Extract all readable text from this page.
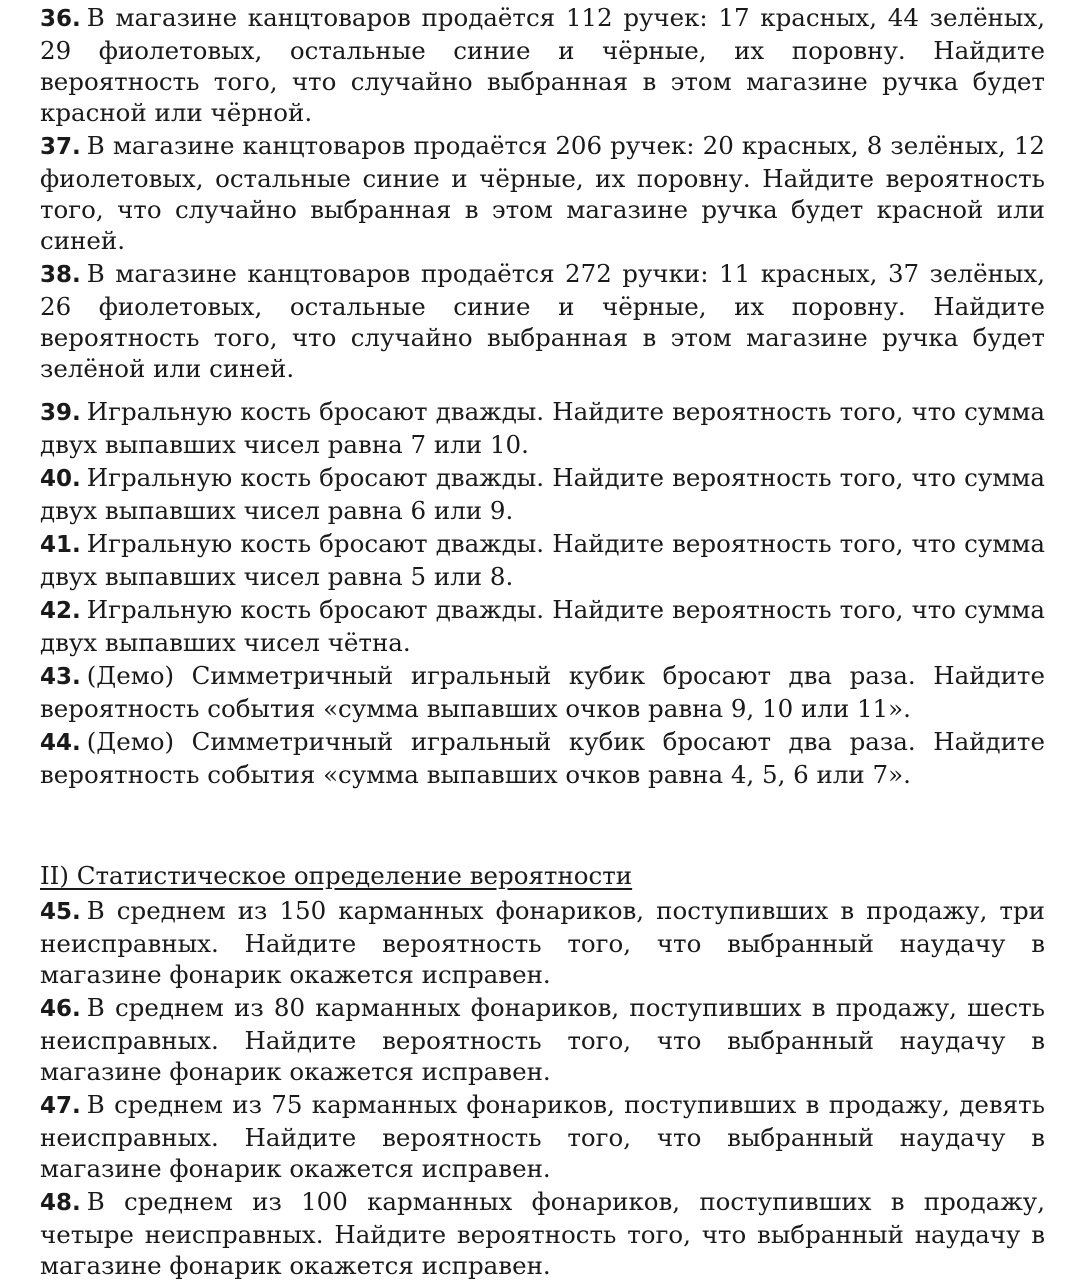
36. В магазине канцтоваров продаётся 112 ручек: 17 красных, 44 зелёных, 29 фиолетовых, остальные синие и чёрные, их поровну. Найдите вероятность того, что случайно выбранная в этом магазине ручка будет красной или чёрной.

37. В магазине канцтоваров продаётся 206 ручек: 20 красных, 8 зелёных, 12 фиолетовых, остальные синие и чёрные, их поровну. Найдите вероятность того, что случайно выбранная в этом магазине ручка будет красной или синей.

38. В магазине канцтоваров продаётся 272 ручки: 11 красных, 37 зелёных, 26 фиолетовых, остальные синие и чёрные, их поровну. Найдите вероятность того, что случайно выбранная в этом магазине ручка будет зелёной или синей.

39. Игральную кость бросают дважды. Найдите вероятность того, что сумма двух выпавших чисел равна 7 или 10.

40. Игральную кость бросают дважды. Найдите вероятность того, что сумма двух выпавших чисел равна 6 или 9.

41. Игральную кость бросают дважды. Найдите вероятность того, что сумма двух выпавших чисел равна 5 или 8.

42. Игральную кость бросают дважды. Найдите вероятность того, что сумма двух выпавших чисел чётна.

43. (Демо) Симметричный игральный кубик бросают два раза. Найдите вероятность события «сумма выпавших очков равна 9, 10 или 11».

44. (Демо) Симметричный игральный кубик бросают два раза. Найдите вероятность события «сумма выпавших очков равна 4, 5, 6 или 7».

II) Статистическое определение вероятности

45. В среднем из 150 карманных фонариков, поступивших в продажу, три неисправных. Найдите вероятность того, что выбранный наудачу в магазине фонарик окажется исправен.

46. В среднем из 80 карманных фонариков, поступивших в продажу, шесть неисправных. Найдите вероятность того, что выбранный наудачу в магазине фонарик окажется исправен.

47. В среднем из 75 карманных фонариков, поступивших в продажу, девять неисправных. Найдите вероятность того, что выбранный наудачу в магазине фонарик окажется исправен.

48. В среднем из 100 карманных фонариков, поступивших в продажу, четыре неисправных. Найдите вероятность того, что выбранный наудачу в магазине фонарик окажется исправен.
